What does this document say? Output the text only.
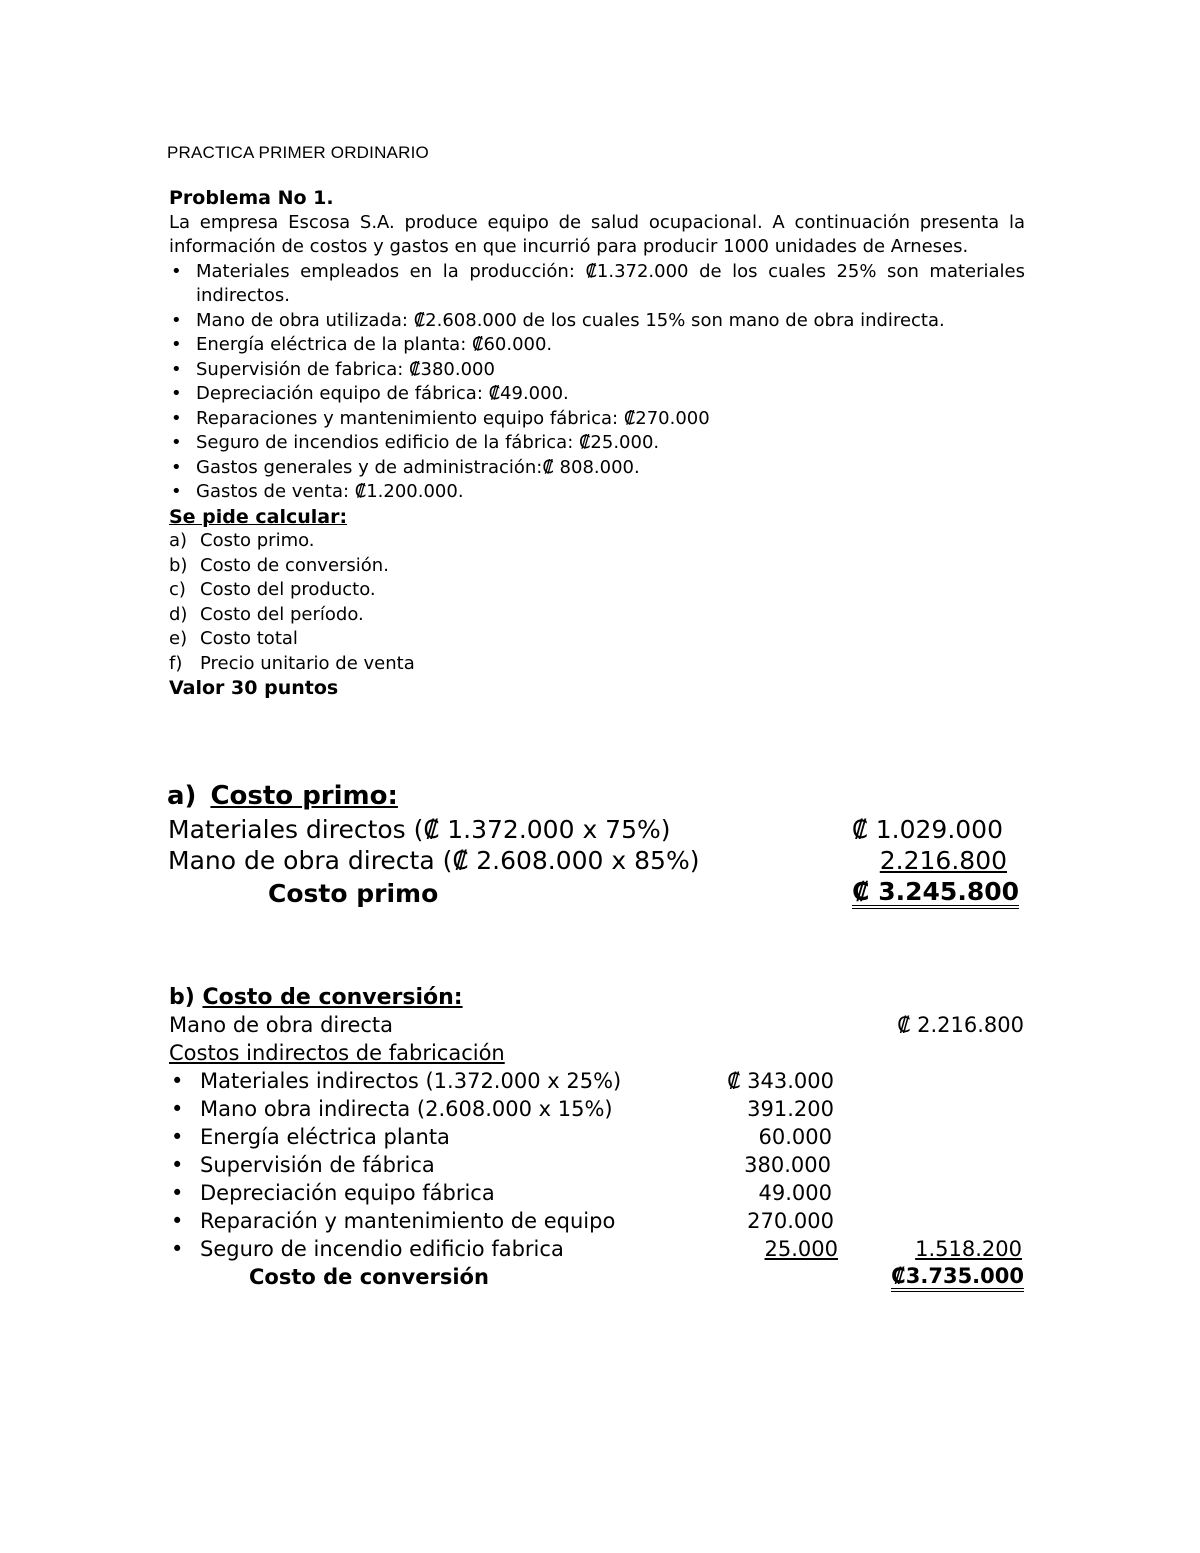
PRACTICA PRIMER ORDINARIO
Problema No 1.
La empresa Escosa S.A. produce equipo de salud ocupacional. A continuación presenta la información de costos y gastos en que incurrió para producir 1000 unidades de Arneses.
• Materiales empleados en la producción: ₡1.372.000 de los cuales 25% son materiales indirectos.
• Mano de obra utilizada: ₡2.608.000 de los cuales 15% son mano de obra indirecta.
• Energía eléctrica de la planta: ₡60.000.
• Supervisión de fabrica: ₡380.000
• Depreciación equipo de fábrica: ₡49.000.
• Reparaciones y mantenimiento equipo fábrica: ₡270.000
• Seguro de incendios edificio de la fábrica: ₡25.000.
• Gastos generales y de administración:₡ 808.000.
• Gastos de venta: ₡1.200.000.
Se pide calcular:
a) Costo primo.
b) Costo de conversión.
c) Costo del producto.
d) Costo del período.
e) Costo total
f) Precio unitario de venta
Valor 30 puntos
a) Costo primo:
Materiales directos (₡ 1.372.000 x 75%)	₡ 1.029.000
Mano de obra directa (₡ 2.608.000 x 85%)	2.216.800
Costo primo	₡ 3.245.800
b) Costo de conversión:
Mano de obra directa	₡ 2.216.800
Costos indirectos de fabricación
• Materiales indirectos (1.372.000 x 25%)	₡ 343.000
• Mano obra indirecta (2.608.000 x 15%)	391.200
• Energía eléctrica planta	60.000
• Supervisión de fábrica	380.000
• Depreciación equipo fábrica	49.000
• Reparación y mantenimiento de equipo	270.000
• Seguro de incendio edificio fabrica	25.000	1.518.200
Costo de conversión	₡3.735.000
